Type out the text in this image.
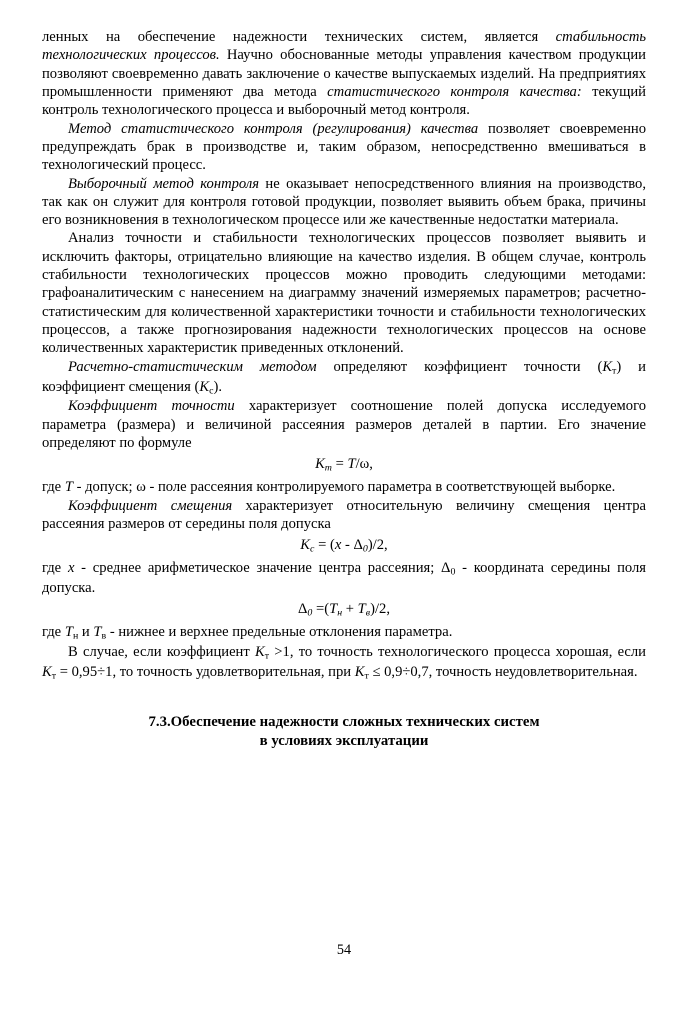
ленных на обеспечение надежности технических систем, является стабильность технологических процессов. Научно обоснованные методы управления качеством продукции позволяют своевременно давать заключение о качестве выпускаемых изделий. На предприятиях промышленности применяют два метода статистического контроля качества: текущий контроль технологического процесса и выборочный метод контроля.

Метод статистического контроля (регулирования) качества позволяет своевременно предупреждать брак в производстве и, таким образом, непосредственно вмешиваться в технологический процесс.

Выборочный метод контроля не оказывает непосредственного влияния на производство, так как он служит для контроля готовой продукции, позволяет выявить объем брака, причины его возникновения в технологическом процессе или же качественные недостатки материала.

Анализ точности и стабильности технологических процессов позволяет выявить и исключить факторы, отрицательно влияющие на качество изделия. В общем случае, контроль стабильности технологических процессов можно проводить следующими методами: графоаналитическим с нанесением на диаграмму значений измеряемых параметров; расчетно-статистическим для количественной характеристики точности и стабильности технологических процессов, а также прогнозирования надежности технологических процессов на основе количественных характеристик приведенных отклонений.

Расчетно-статистическим методом определяют коэффициент точности $(K_т)$ и коэффициент смещения $(K_с)$.

Коэффициент точности характеризует соотношение полей допуска исследуемого параметра (размера) и величиной рассеяния размеров деталей в партии. Его значение определяют по формуле

$K_т = T/\omega$,

где T - допуск; ω - поле рассеяния контролируемого параметра в соответствующей выборке.

Коэффициент смещения характеризует относительную величину смещения центра рассеяния размеров от середины поля допуска

$K_с = (x - \Delta_0)/2$,

где x - среднее арифметическое значение центра рассеяния; $\Delta_0$ - координата середины поля допуска.

$\Delta_0 =(T_н + T_в)/2$,

где $T_н$ и $T_в$ - нижнее и верхнее предельные отклонения параметра.

В случае, если коэффициент $K_т >1$, то точность технологического процесса хорошая, если $K_т = 0,95\div 1$, то точность удовлетворительная, при $K_т \le 0,9\div 0,7$, точность неудовлетворительная.

7.3.Обеспечение надежности сложных технических систем
в условиях эксплуатации
54
